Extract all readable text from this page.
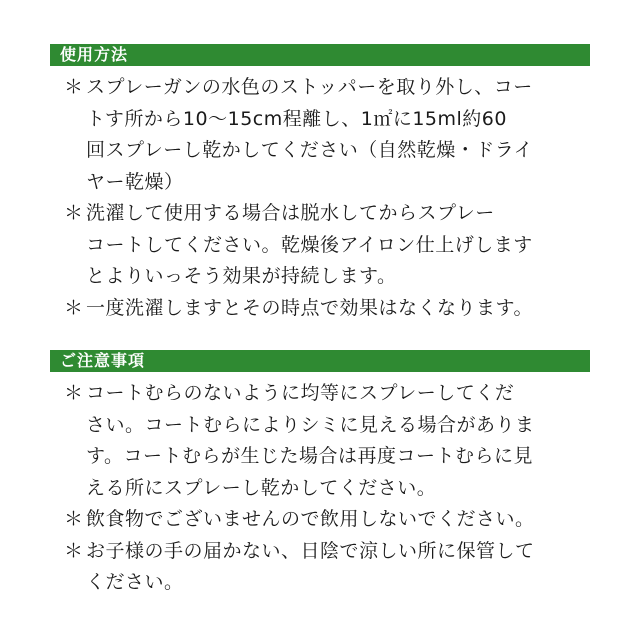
使用方法
＊ スプレーガンの水色のストッパーを取り外し、コー
トす所から10〜15cm程離し、1㎡に15ml約60
回スプレーし乾かしてください（自然乾燥・ドライ
ヤー乾燥）
＊ 洗濯して使用する場合は脱水してからスプレー
コートしてください。乾燥後アイロン仕上げします
とよりいっそう効果が持続します。
＊ 一度洗濯しますとその時点で効果はなくなります。
ご注意事項
＊ コートむらのないように均等にスプレーしてくだ
さい。コートむらによりシミに見える場合がありま
す。コートむらが生じた場合は再度コートむらに見
える所にスプレーし乾かしてください。
＊ 飲食物でございませんので飲用しないでください。
＊ お子様の手の届かない、日陰で涼しい所に保管して
ください。
